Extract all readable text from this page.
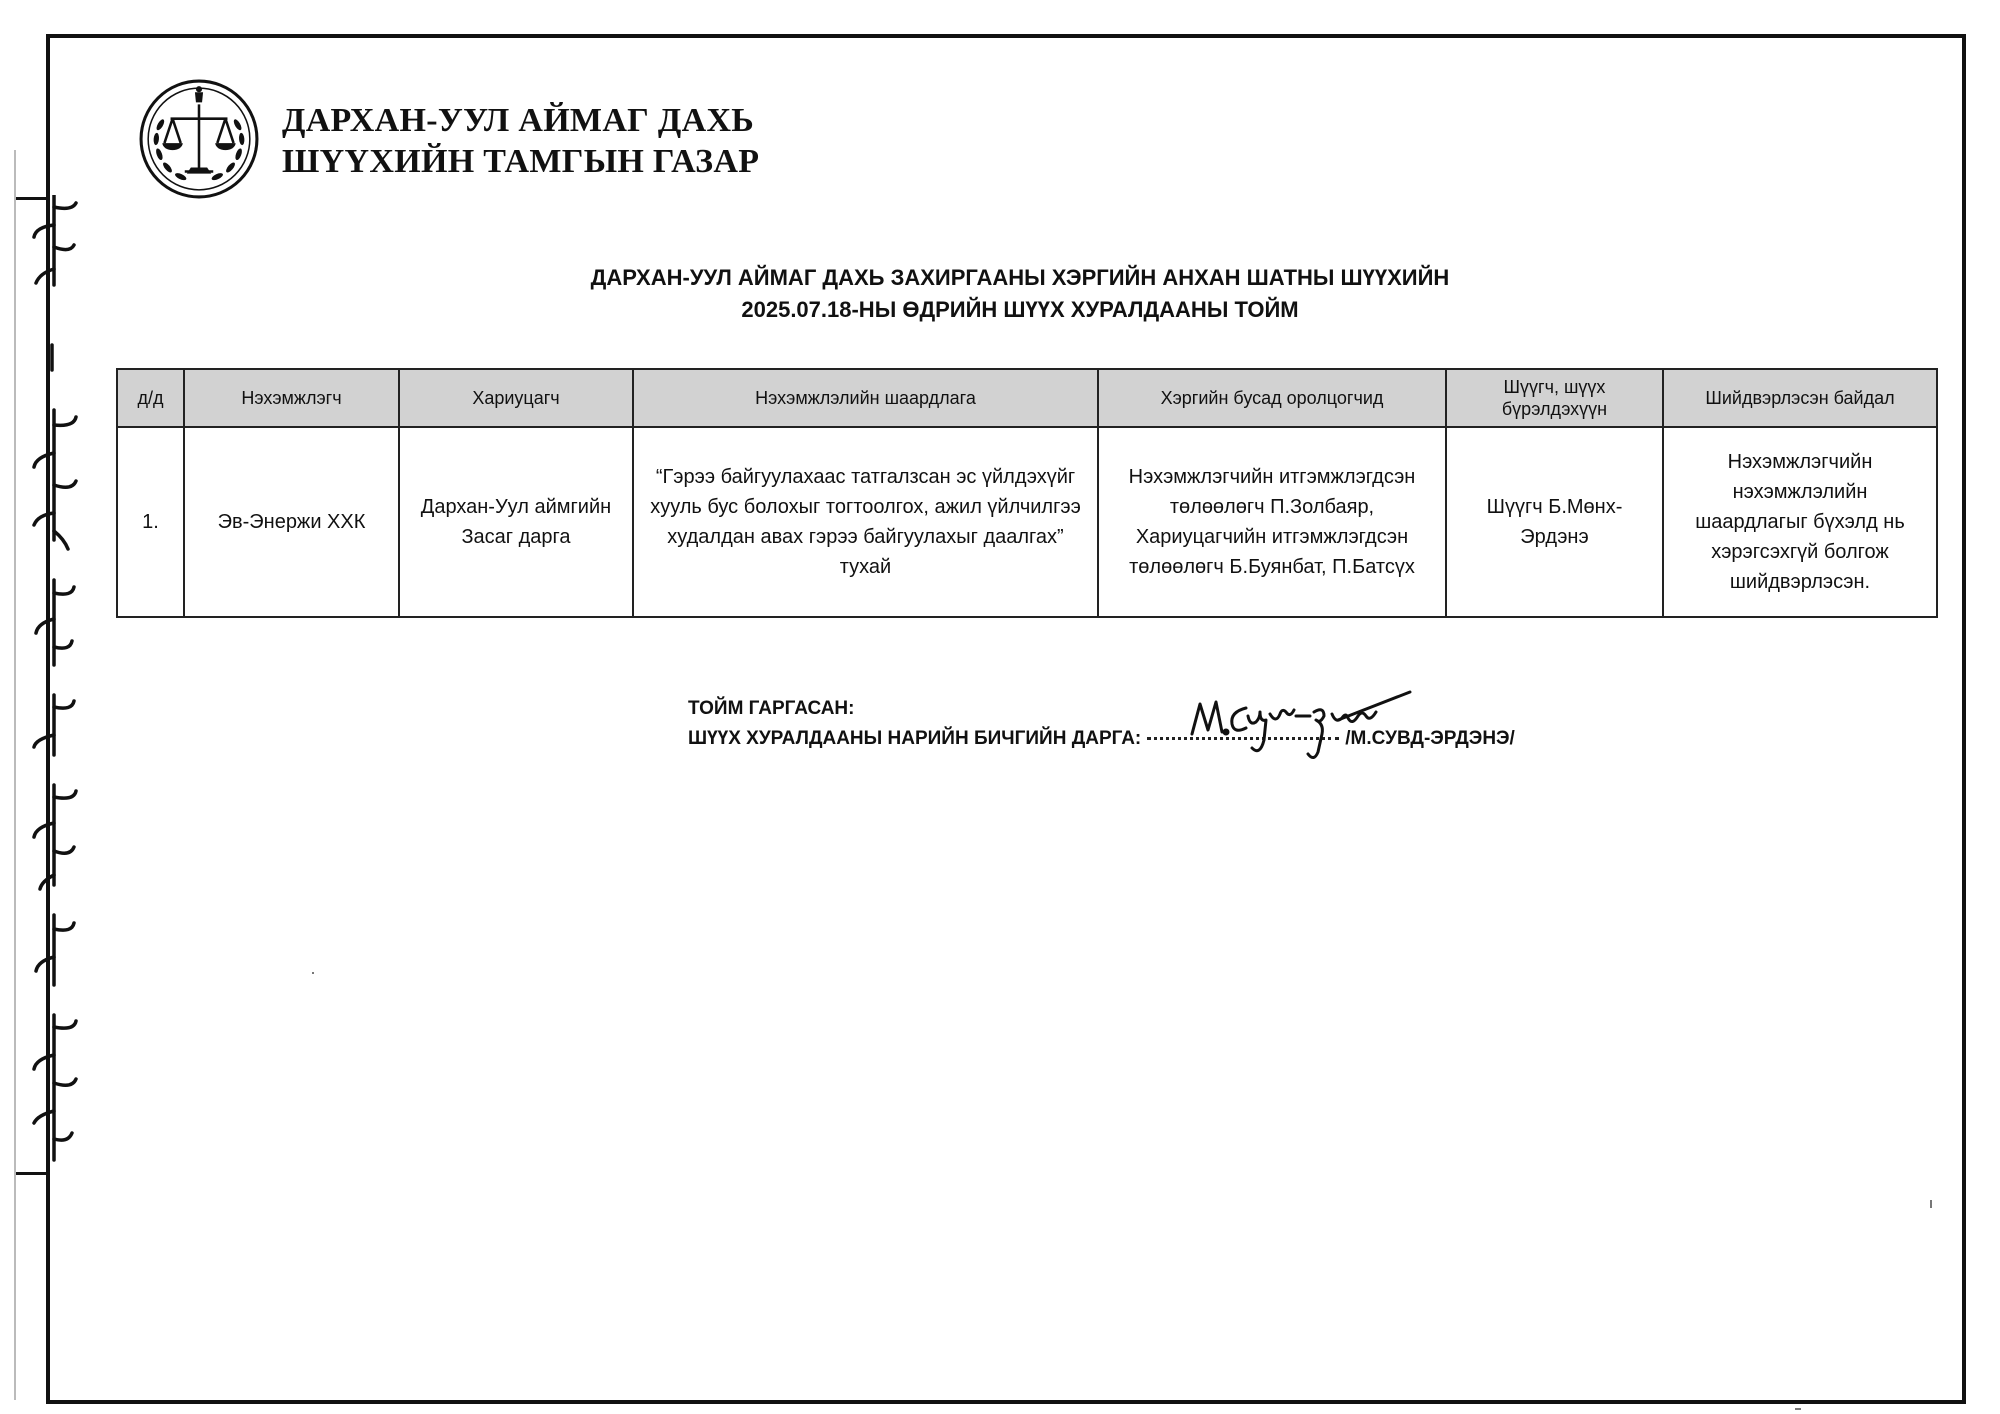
ДАРХАН-УУЛ АЙМАГ ДАХЬ
ШҮҮХИЙН ТАМГЫН ГАЗАР
ДАРХАН-УУЛ АЙМАГ ДАХЬ ЗАХИРГААНЫ ХЭРГИЙН АНХАН ШАТНЫ ШҮҮХИЙН
2025.07.18-НЫ ӨДРИЙН ШҮҮХ ХУРАЛДААНЫ ТОЙМ
д/д	Нэхэмжлэгч	Хариуцагч	Нэхэмжлэлийн шаардлага	Хэргийн бусад оролцогчид	Шүүгч, шүүх
бүрэлдэхүүн	Шийдвэрлэсэн байдал
1.	Эв-Энержи ХХК	Дархан-Уул аймгийн Засаг дарга	“Гэрээ байгуулахаас татгалзсан эс үйлдэхүйг хууль бус болохыг тогтоолгох, ажил үйлчилгээ худалдан авах гэрээ байгуулахыг даалгах” тухай	Нэхэмжлэгчийн итгэмжлэгдсэн төлөөлөгч П.Золбаяр,
Хариуцагчийн итгэмжлэгдсэн төлөөлөгч Б.Буянбат, П.Батсүх	Шүүгч Б.Мөнх-Эрдэнэ	Нэхэмжлэгчийн нэхэмжлэлийн шаардлагыг бүхэлд нь хэрэгсэхгүй болгож шийдвэрлэсэн.
ТОЙМ ГАРГАСАН:
ШҮҮХ ХУРАЛДААНЫ НАРИЙН БИЧГИЙН ДАРГА:	/М.СУВД-ЭРДЭНЭ/
